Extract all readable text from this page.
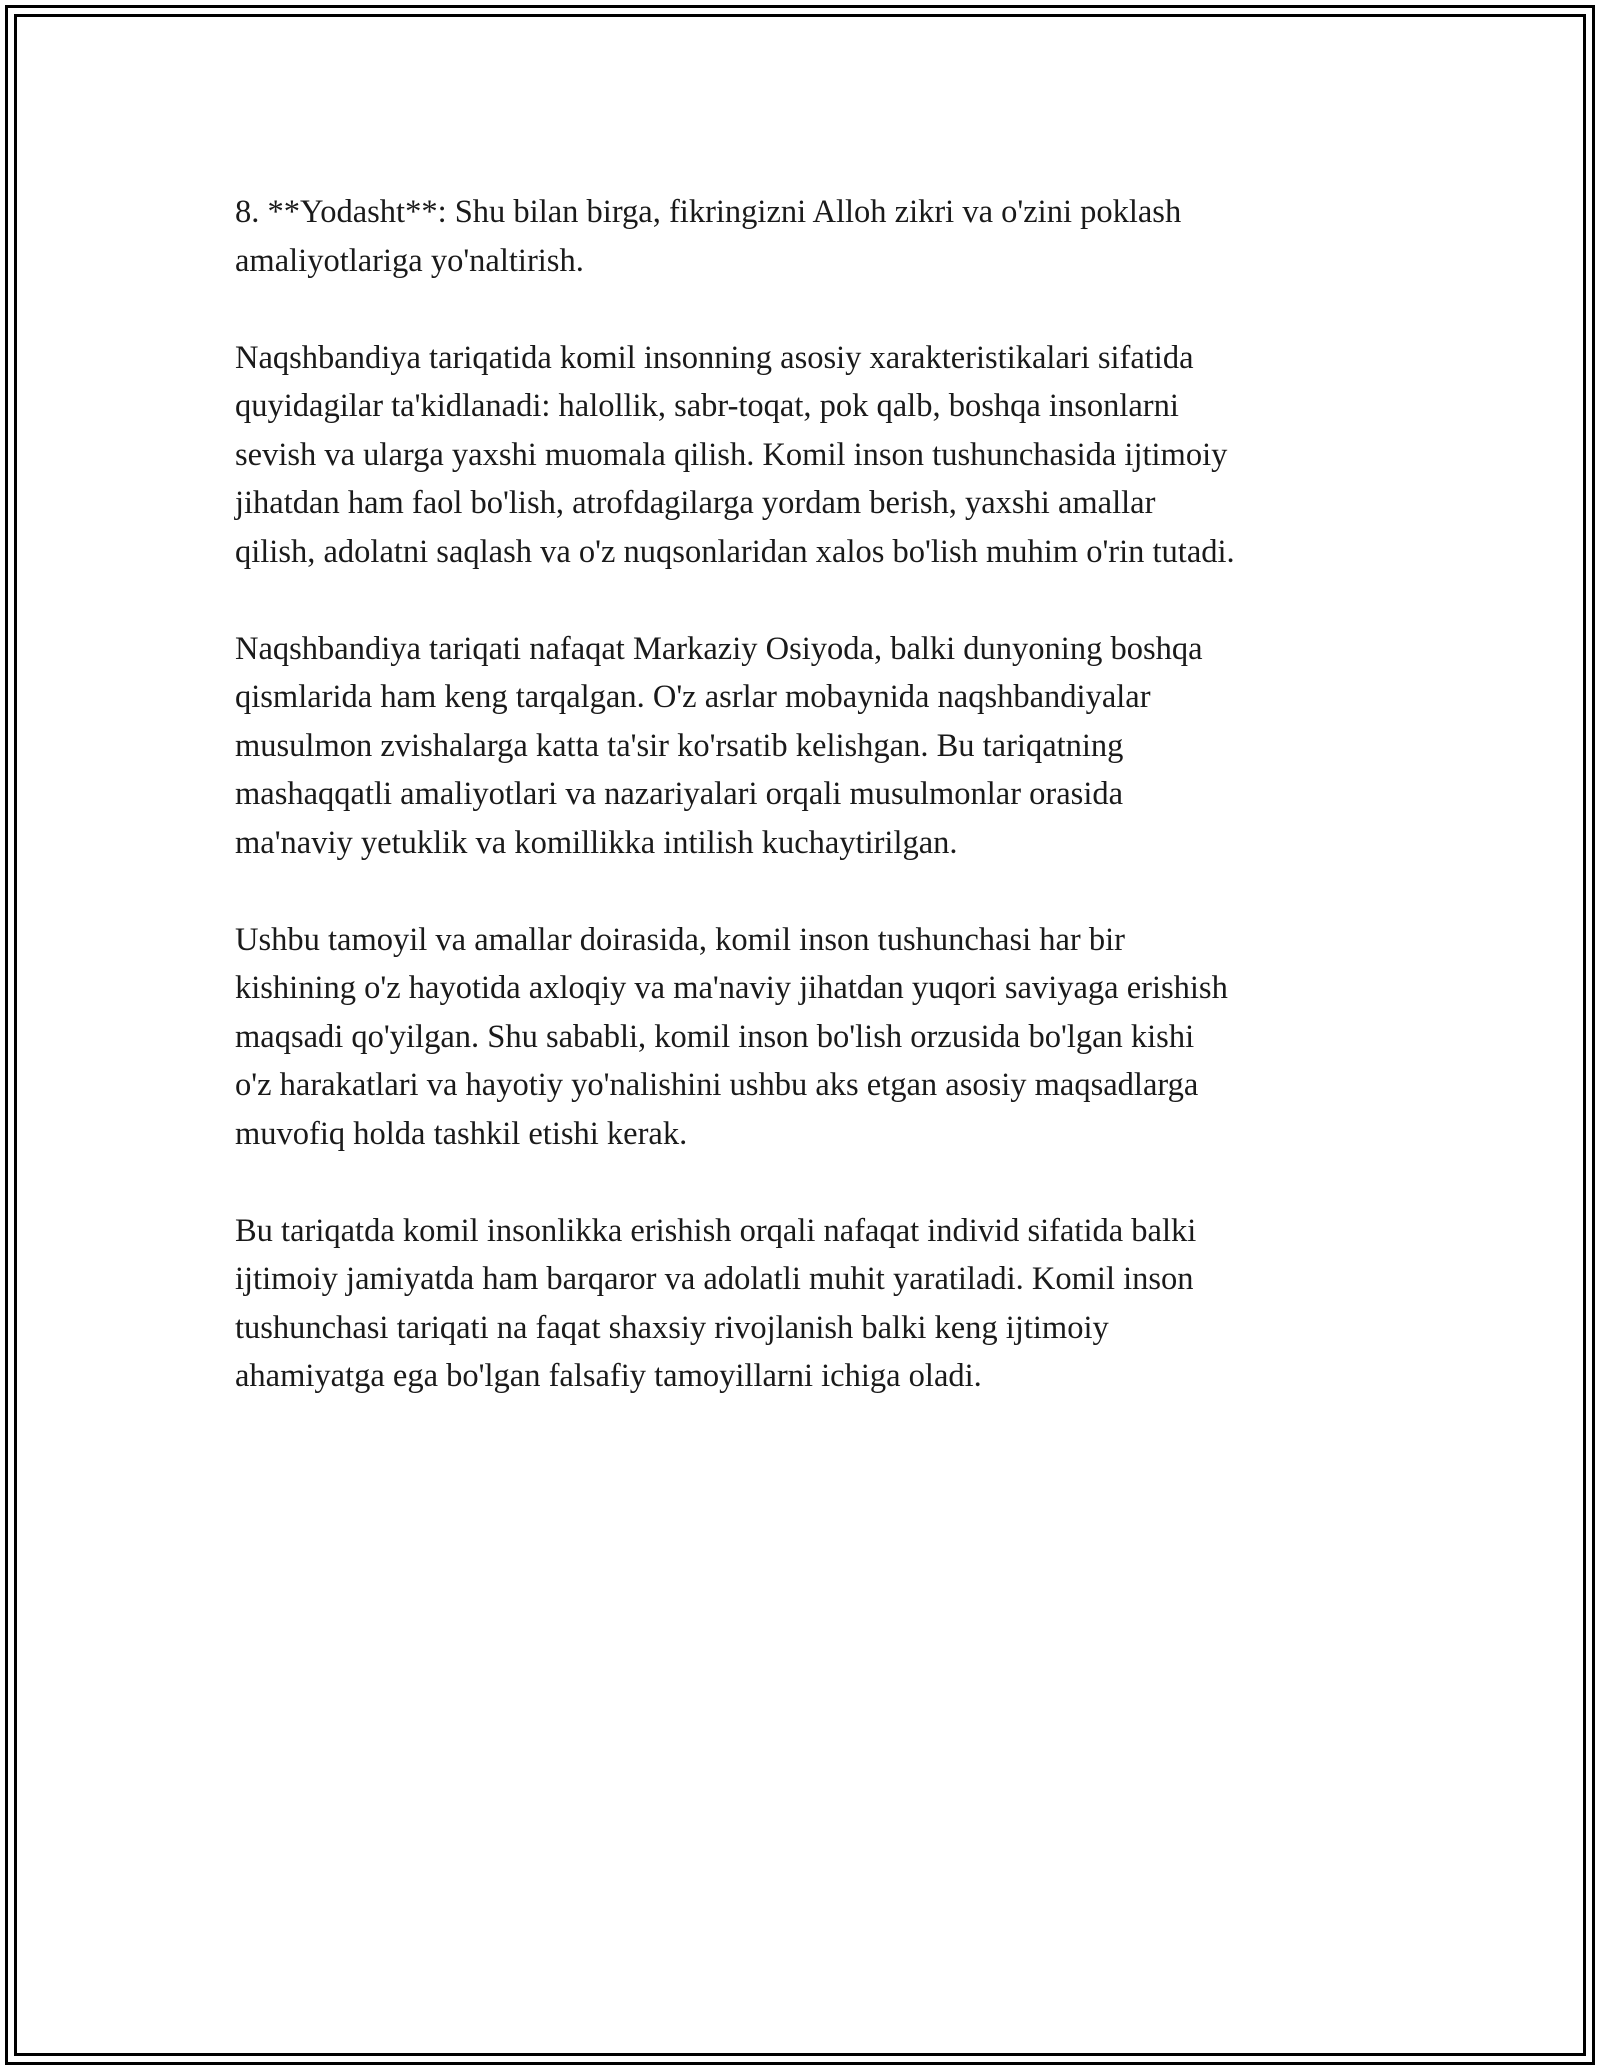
8. **Yodasht**: Shu bilan birga, fikringizni Alloh zikri va o'zini poklash
amaliyotlariga yo'naltirish.

Naqshbandiya tariqatida komil insonning asosiy xarakteristikalari sifatida
quyidagilar ta'kidlanadi: halollik, sabr-toqat, pok qalb, boshqa insonlarni
sevish va ularga yaxshi muomala qilish. Komil inson tushunchasida ijtimoiy
jihatdan ham faol bo'lish, atrofdagilarga yordam berish, yaxshi amallar
qilish, adolatni saqlash va o'z nuqsonlaridan xalos bo'lish muhim o'rin tutadi.

Naqshbandiya tariqati nafaqat Markaziy Osiyoda, balki dunyoning boshqa
qismlarida ham keng tarqalgan. O'z asrlar mobaynida naqshbandiyalar
musulmon zvishalarga katta ta'sir ko'rsatib kelishgan. Bu tariqatning
mashaqqatli amaliyotlari va nazariyalari orqali musulmonlar orasida
ma'naviy yetuklik va komillikka intilish kuchaytirilgan.

Ushbu tamoyil va amallar doirasida, komil inson tushunchasi har bir
kishining o'z hayotida axloqiy va ma'naviy jihatdan yuqori saviyaga erishish
maqsadi qo'yilgan. Shu sababli, komil inson bo'lish orzusida bo'lgan kishi
o'z harakatlari va hayotiy yo'nalishini ushbu aks etgan asosiy maqsadlarga
muvofiq holda tashkil etishi kerak.

Bu tariqatda komil insonlikka erishish orqali nafaqat individ sifatida balki
ijtimoiy jamiyatda ham barqaror va adolatli muhit yaratiladi. Komil inson
tushunchasi tariqati na faqat shaxsiy rivojlanish balki keng ijtimoiy
ahamiyatga ega bo'lgan falsafiy tamoyillarni ichiga oladi.
